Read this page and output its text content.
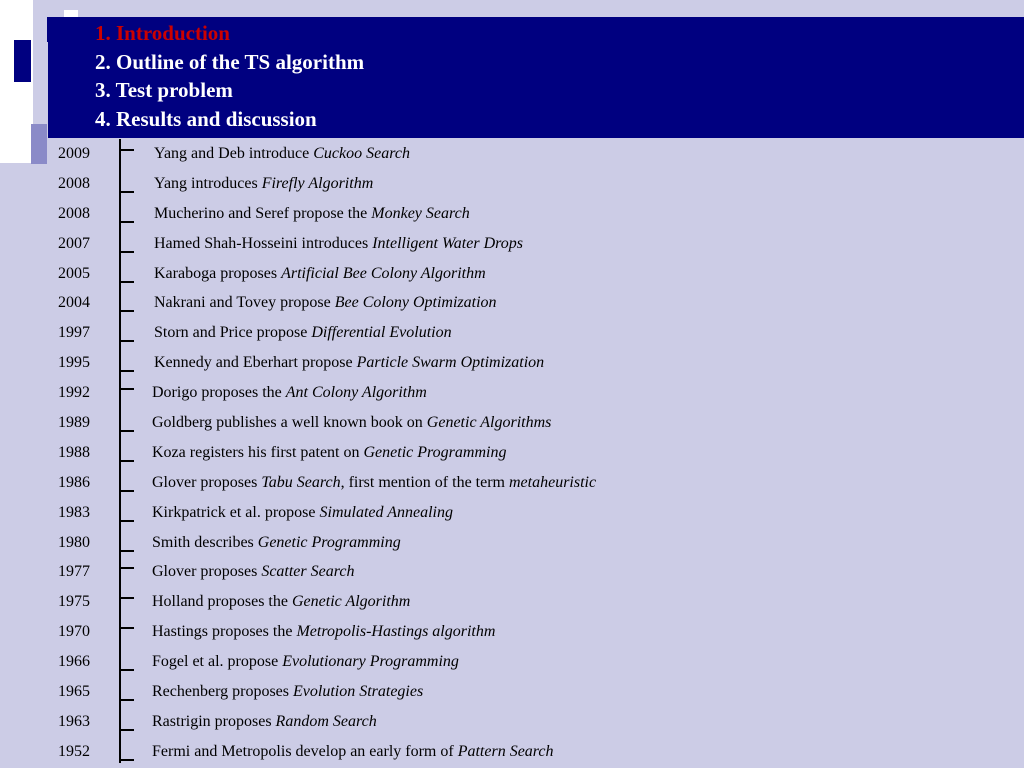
1. Introduction
2. Outline of the TS algorithm
3. Test problem
4. Results and discussion
2009	Yang and Deb introduce Cuckoo Search
2008	Yang introduces Firefly Algorithm
2008	Mucherino and Seref propose the Monkey Search
2007	Hamed Shah-Hosseini introduces Intelligent Water Drops
2005	Karaboga proposes Artificial Bee Colony Algorithm
2004	Nakrani and Tovey propose Bee Colony Optimization
1997	Storn and Price propose Differential Evolution
1995	Kennedy and Eberhart propose Particle Swarm Optimization
1992	Dorigo proposes the Ant Colony Algorithm
1989	Goldberg publishes a well known book on Genetic Algorithms
1988	Koza registers his first patent on Genetic Programming
1986	Glover proposes Tabu Search, first mention of the term metaheuristic
1983	Kirkpatrick et al. propose Simulated Annealing
1980	Smith describes Genetic Programming
1977	Glover proposes Scatter Search
1975	Holland proposes the Genetic Algorithm
1970	Hastings proposes the Metropolis-Hastings algorithm
1966	Fogel et al. propose Evolutionary Programming
1965	Rechenberg proposes Evolution Strategies
1963	Rastrigin proposes Random Search
1952	Fermi and Metropolis develop an early form of Pattern Search
